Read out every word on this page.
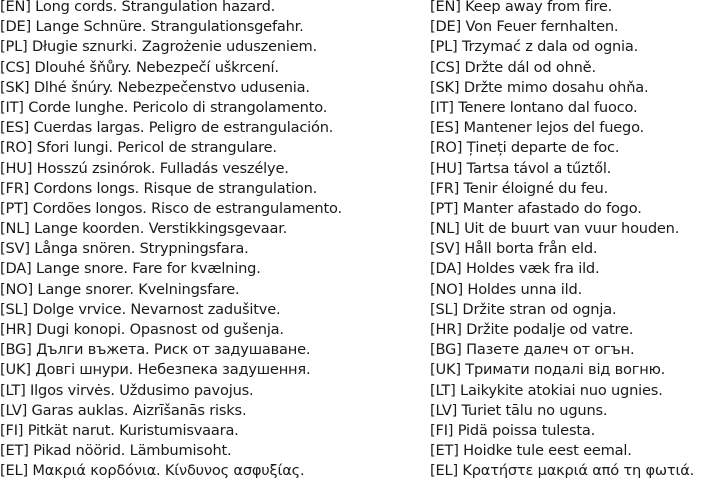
[EN] Long cords. Strangulation hazard.
[DE] Lange Schnüre. Strangulationsgefahr.
[PL] Długie sznurki. Zagrożenie uduszeniem.
[CS] Dlouhé šňůry. Nebezpečí uškrcení.
[SK] Dlhé šnúry. Nebezpečenstvo udusenia.
[IT] Corde lunghe. Pericolo di strangolamento.
[ES] Cuerdas largas. Peligro de estrangulación.
[RO] Sfori lungi. Pericol de strangulare.
[HU] Hosszú zsinórok. Fulladás veszélye.
[FR] Cordons longs. Risque de strangulation.
[PT] Cordões longos. Risco de estrangulamento.
[NL] Lange koorden. Verstikkingsgevaar.
[SV] Långa snören. Strypningsfara.
[DA] Lange snore. Fare for kvælning.
[NO] Lange snorer. Kvelningsfare.
[SL] Dolge vrvice. Nevarnost zadušitve.
[HR] Dugi konopi. Opasnost od gušenja.
[BG] Дълги въжета. Риск от задушаване.
[UK] Довгі шнури. Небезпека задушення.
[LT] Ilgos virvės. Uždusimo pavojus.
[LV] Garas auklas. Aizrīšanās risks.
[FI] Pitkät narut. Kuristumisvaara.
[ET] Pikad nöörid. Lämbumisoht.
[EL] Μακριά κορδόνια. Κίνδυνος ασφυξίας.
[EN] Keep away from fire.
[DE] Von Feuer fernhalten.
[PL] Trzymać z dala od ognia.
[CS] Držte dál od ohně.
[SK] Držte mimo dosahu ohňa.
[IT] Tenere lontano dal fuoco.
[ES] Mantener lejos del fuego.
[RO] Țineți departe de foc.
[HU] Tartsa távol a tűztől.
[FR] Tenir éloigné du feu.
[PT] Manter afastado do fogo.
[NL] Uit de buurt van vuur houden.
[SV] Håll borta från eld.
[DA] Holdes væk fra ild.
[NO] Holdes unna ild.
[SL] Držite stran od ognja.
[HR] Držite podalje od vatre.
[BG] Пазете далеч от огън.
[UK] Тримати подалі від вогню.
[LT] Laikykite atokiai nuo ugnies.
[LV] Turiet tālu no uguns.
[FI] Pidä poissa tulesta.
[ET] Hoidke tule eest eemal.
[EL] Κρατήστε μακριά από τη φωτιά.
